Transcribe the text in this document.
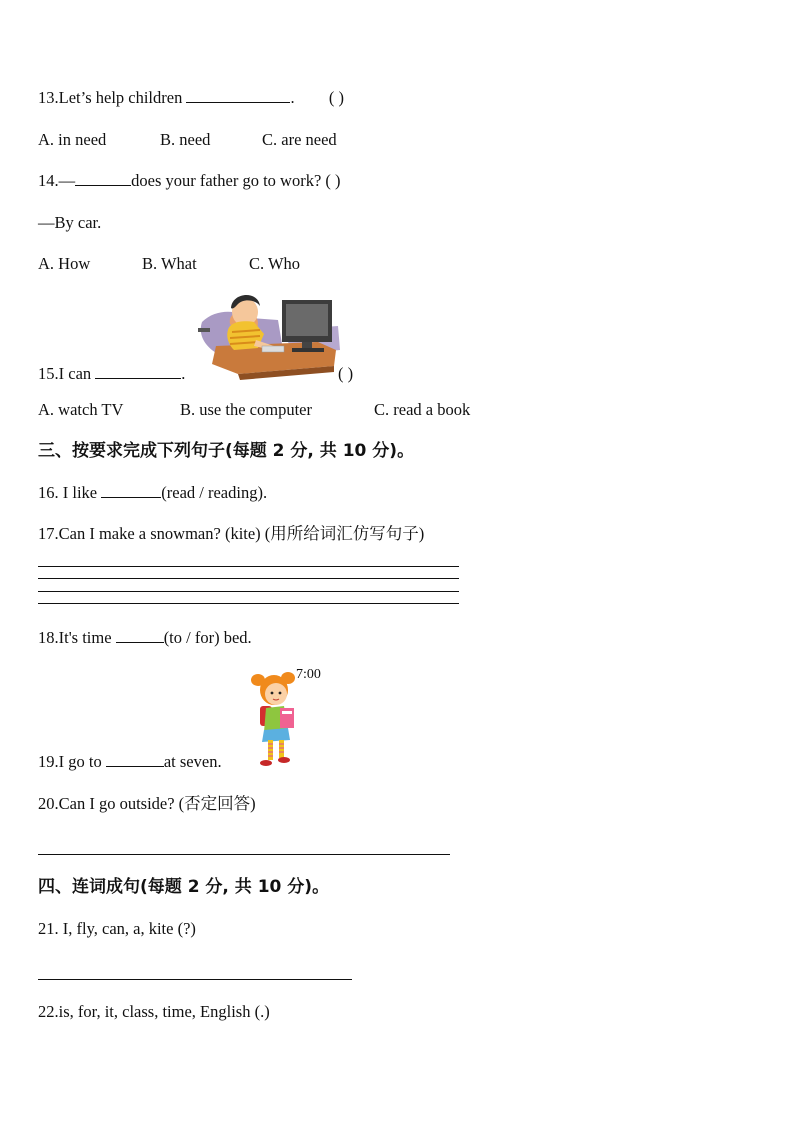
13.Let’s help children	. ( )
A. in need	B. need	C. are need
14.—	does your father go to work? ( )
—By car.
A. How	B. What	C. Who
15.I can	.	( )
A. watch TV	B. use the computer	C. read a book
三、按要求完成下列句子(每题 2 分, 共 10 分)。
16. I like	(read / reading).
17.Can I make a snowman? (kite) (用所给词汇仿写句子)
18.It's time	(to / for) bed.
7:00
19.I go to	at seven.
20.Can I go outside? (否定回答)
四、连词成句(每题 2 分, 共 10 分)。
21. I, fly, can, a, kite (?)
22.is, for, it, class, time, English (.)
